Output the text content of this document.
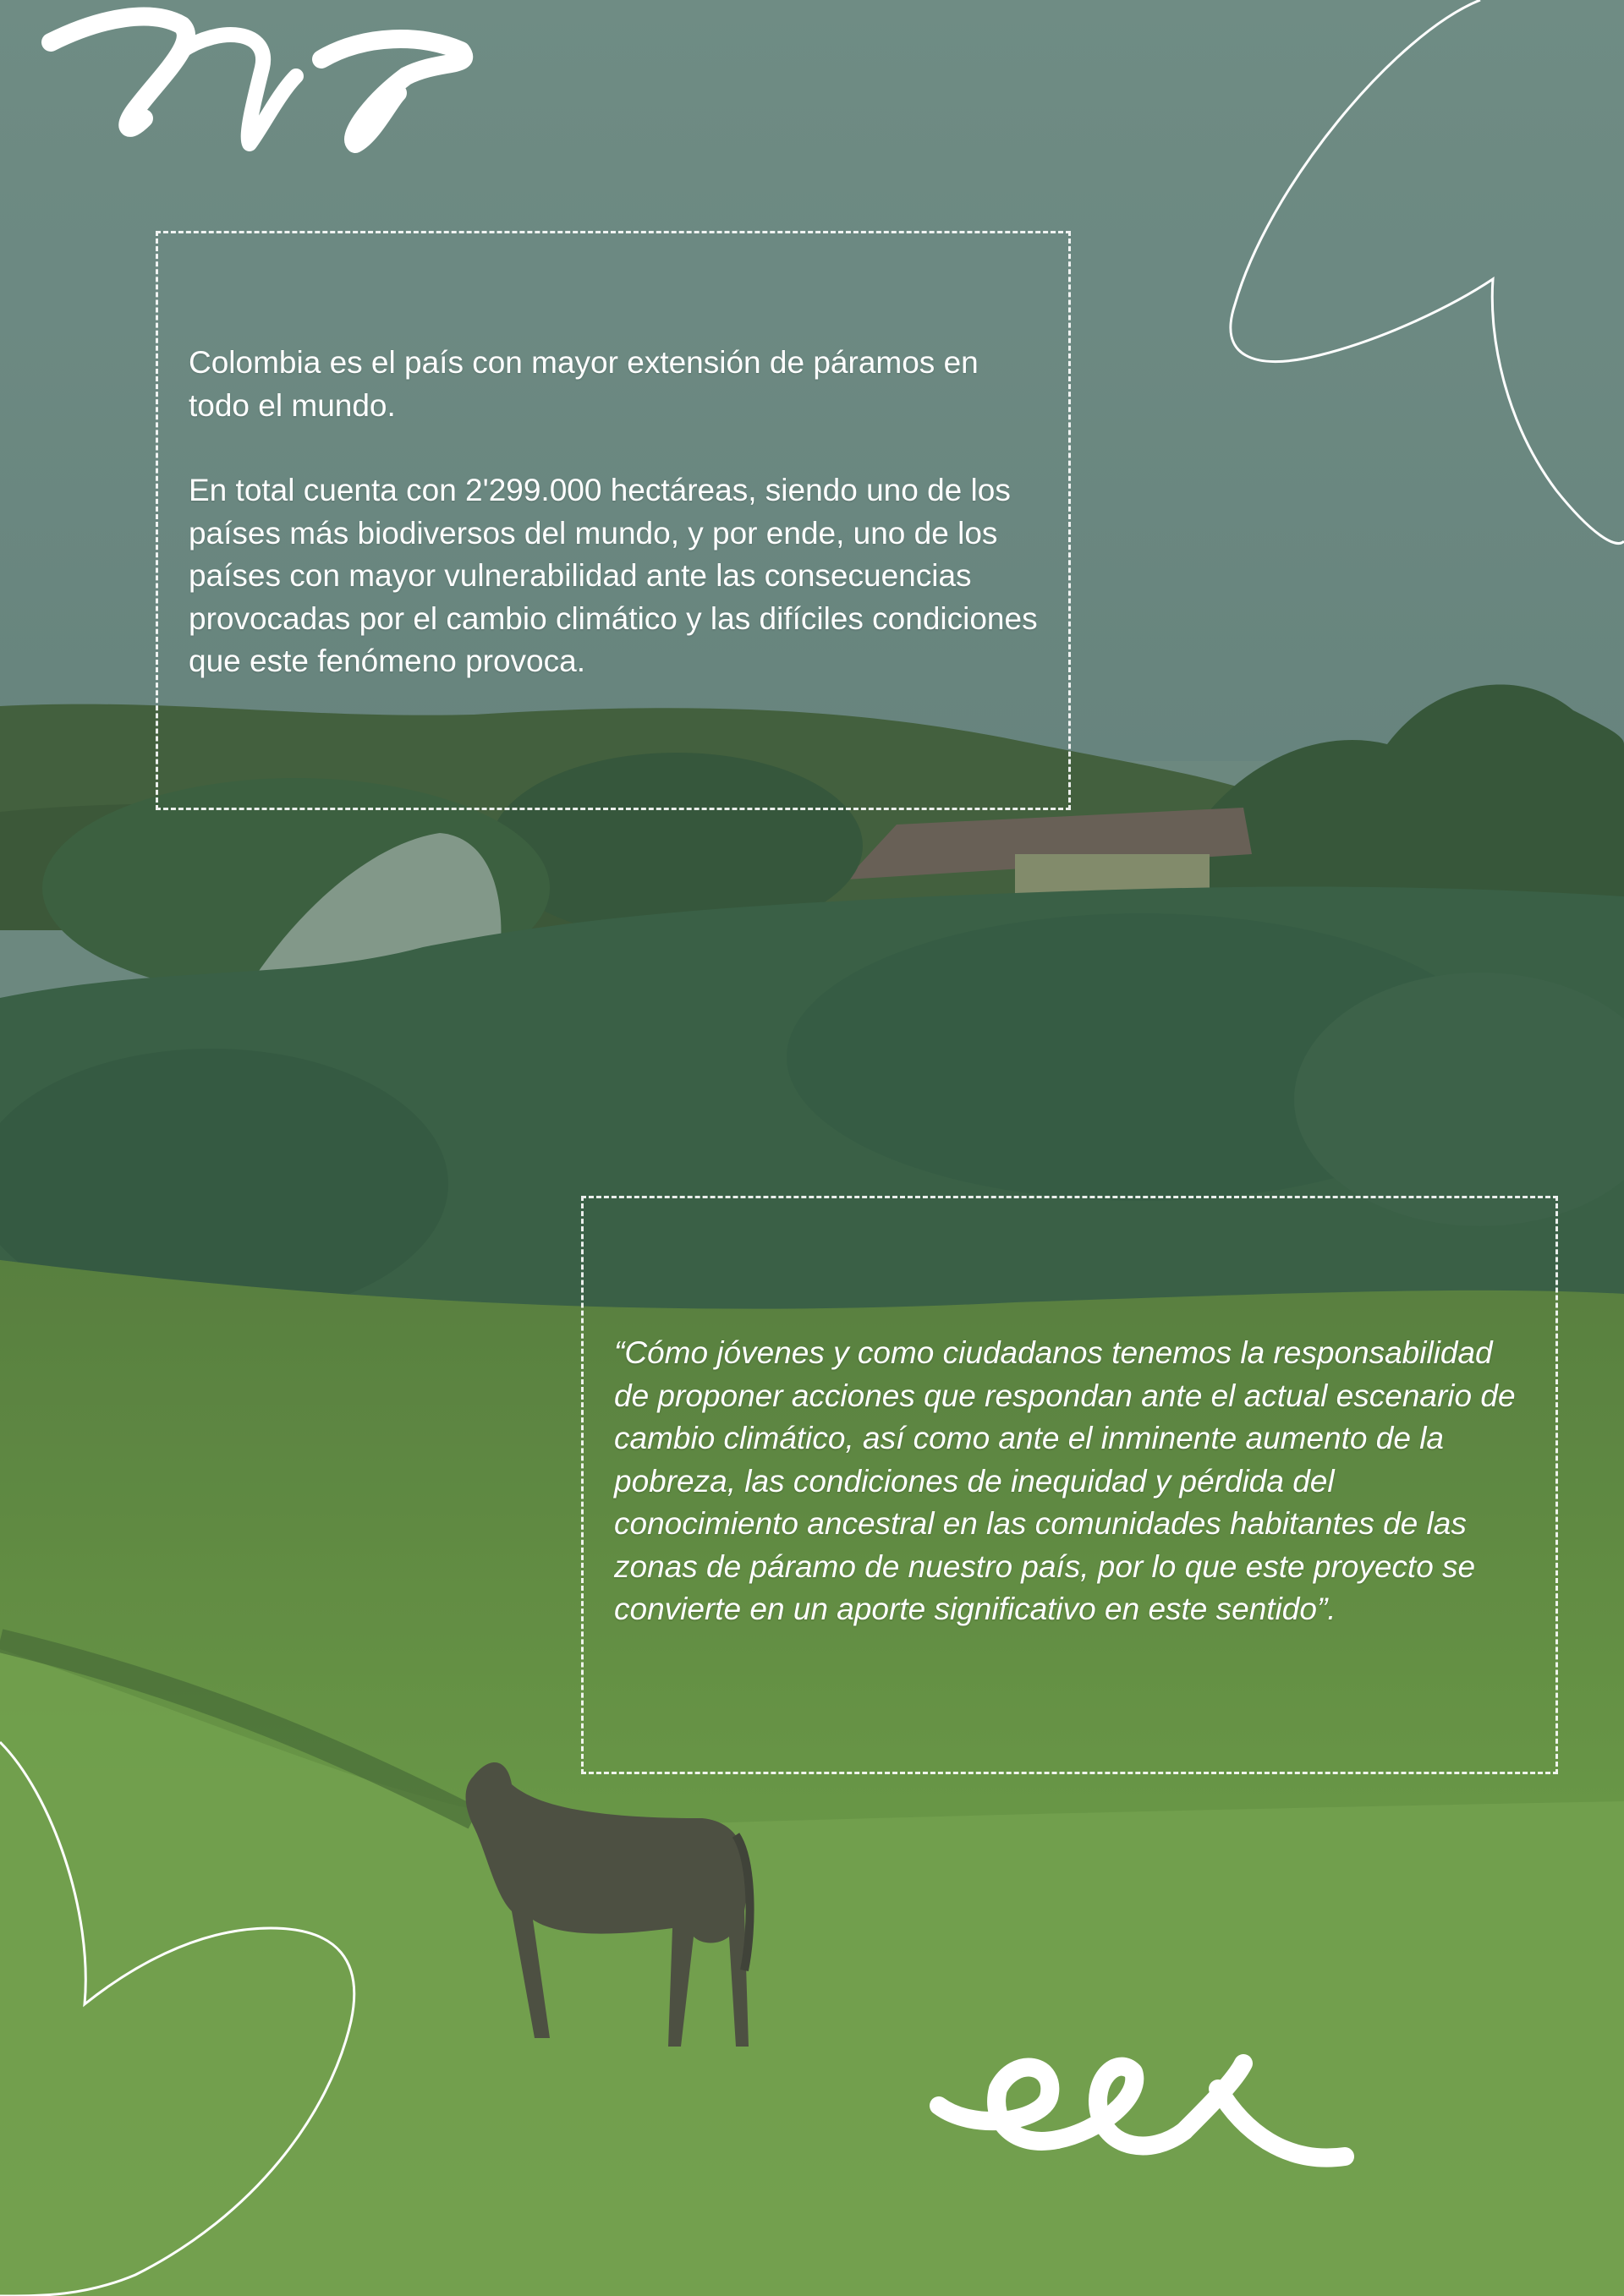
Colombia es el país con mayor extensión de páramos en todo el mundo.

En total cuenta con 2'299.000 hectáreas, siendo uno de los países más biodiversos del mundo, y por ende, uno de los países con mayor vulnerabilidad ante las consecuencias provocadas por el cambio climático y las difíciles condiciones que este fenómeno provoca.

“Cómo jóvenes y como ciudadanos tenemos la responsabilidad de proponer acciones que respondan ante el actual escenario de cambio climático, así como ante el inminente aumento de la pobreza, las condiciones de inequidad y pérdida del conocimiento ancestral en las comunidades habitantes de las zonas de páramo de nuestro país, por lo que este proyecto se convierte en un aporte significativo en este sentido”.
